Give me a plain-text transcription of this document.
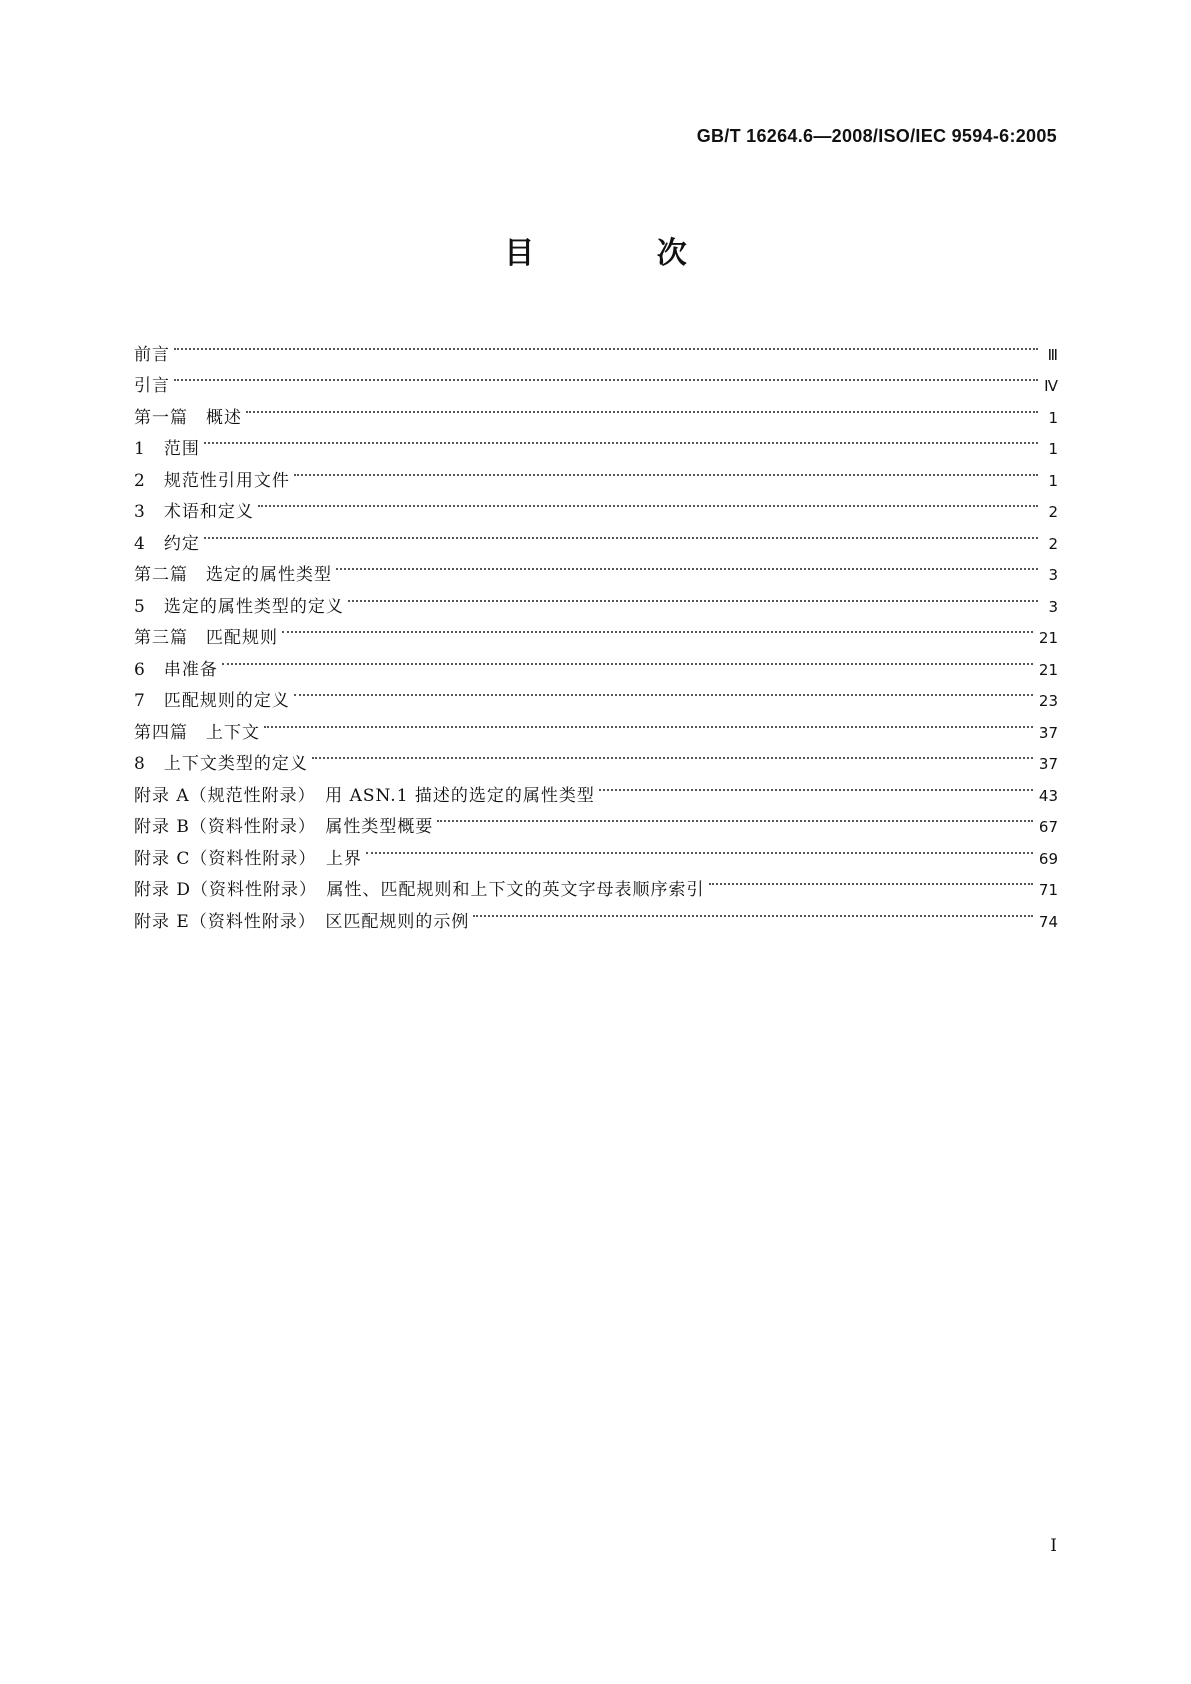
GB/T 16264.6—2008/ISO/IEC 9594-6:2005
目 次
前言	Ⅲ
引言	Ⅳ
第一篇　概述	1
1　范围	1
2　规范性引用文件	1
3　术语和定义	2
4　约定	2
第二篇　选定的属性类型	3
5　选定的属性类型的定义	3
第三篇　匹配规则	21
6　串准备	21
7　匹配规则的定义	23
第四篇　上下文	37
8　上下文类型的定义	37
附录 A（规范性附录）　用 ASN.1 描述的选定的属性类型	43
附录 B（资料性附录）　属性类型概要	67
附录 C（资料性附录）　上界	69
附录 D（资料性附录）　属性、匹配规则和上下文的英文字母表顺序索引	71
附录 E（资料性附录）　区匹配规则的示例	74
I
